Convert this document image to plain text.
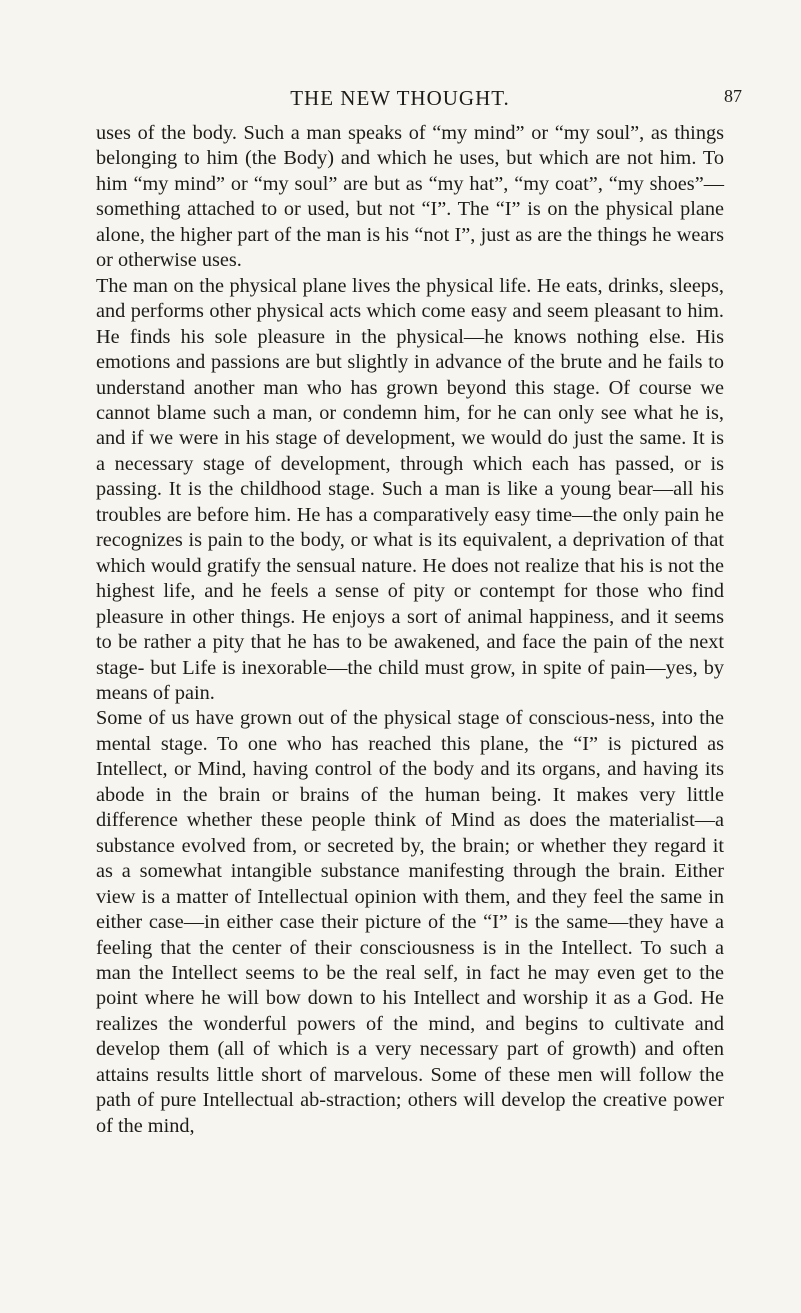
THE NEW THOUGHT.	87

uses of the body. Such a man speaks of “my mind” or “my soul”, as things belonging to him (the Body) and which he uses, but which are not him. To him “my mind” or “my soul” are but as “my hat”, “my coat”, “my shoes”—something attached to or used, but not “I”. The “I” is on the physical plane alone, the higher part of the man is his “not I”, just as are the things he wears or otherwise uses.

The man on the physical plane lives the physical life. He eats, drinks, sleeps, and performs other physical acts which come easy and seem pleasant to him. He finds his sole pleasure in the physical—he knows nothing else. His emotions and passions are but slightly in advance of the brute and he fails to understand another man who has grown beyond this stage. Of course we cannot blame such a man, or condemn him, for he can only see what he is, and if we were in his stage of development, we would do just the same. It is a necessary stage of development, through which each has passed, or is passing. It is the childhood stage. Such a man is like a young bear—all his troubles are before him. He has a comparatively easy time—the only pain he recognizes is pain to the body, or what is its equivalent, a deprivation of that which would gratify the sensual nature. He does not realize that his is not the highest life, and he feels a sense of pity or contempt for those who find pleasure in other things. He enjoys a sort of animal happiness, and it seems to be rather a pity that he has to be awakened, and face the pain of the next stage- but Life is inexorable—the child must grow, in spite of pain—yes, by means of pain.

Some of us have grown out of the physical stage of conscious-ness, into the mental stage. To one who has reached this plane, the “I” is pictured as Intellect, or Mind, having control of the body and its organs, and having its abode in the brain or brains of the human being. It makes very little difference whether these people think of Mind as does the materialist—a substance evolved from, or secreted by, the brain; or whether they regard it as a somewhat intangible substance manifesting through the brain. Either view is a matter of Intellectual opinion with them, and they feel the same in either case—in either case their picture of the “I” is the same—they have a feeling that the center of their consciousness is in the Intellect. To such a man the Intellect seems to be the real self, in fact he may even get to the point where he will bow down to his Intellect and worship it as a God. He realizes the wonderful powers of the mind, and begins to cultivate and develop them (all of which is a very necessary part of growth) and often attains results little short of marvelous. Some of these men will follow the path of pure Intellectual ab-straction; others will develop the creative power of the mind,
